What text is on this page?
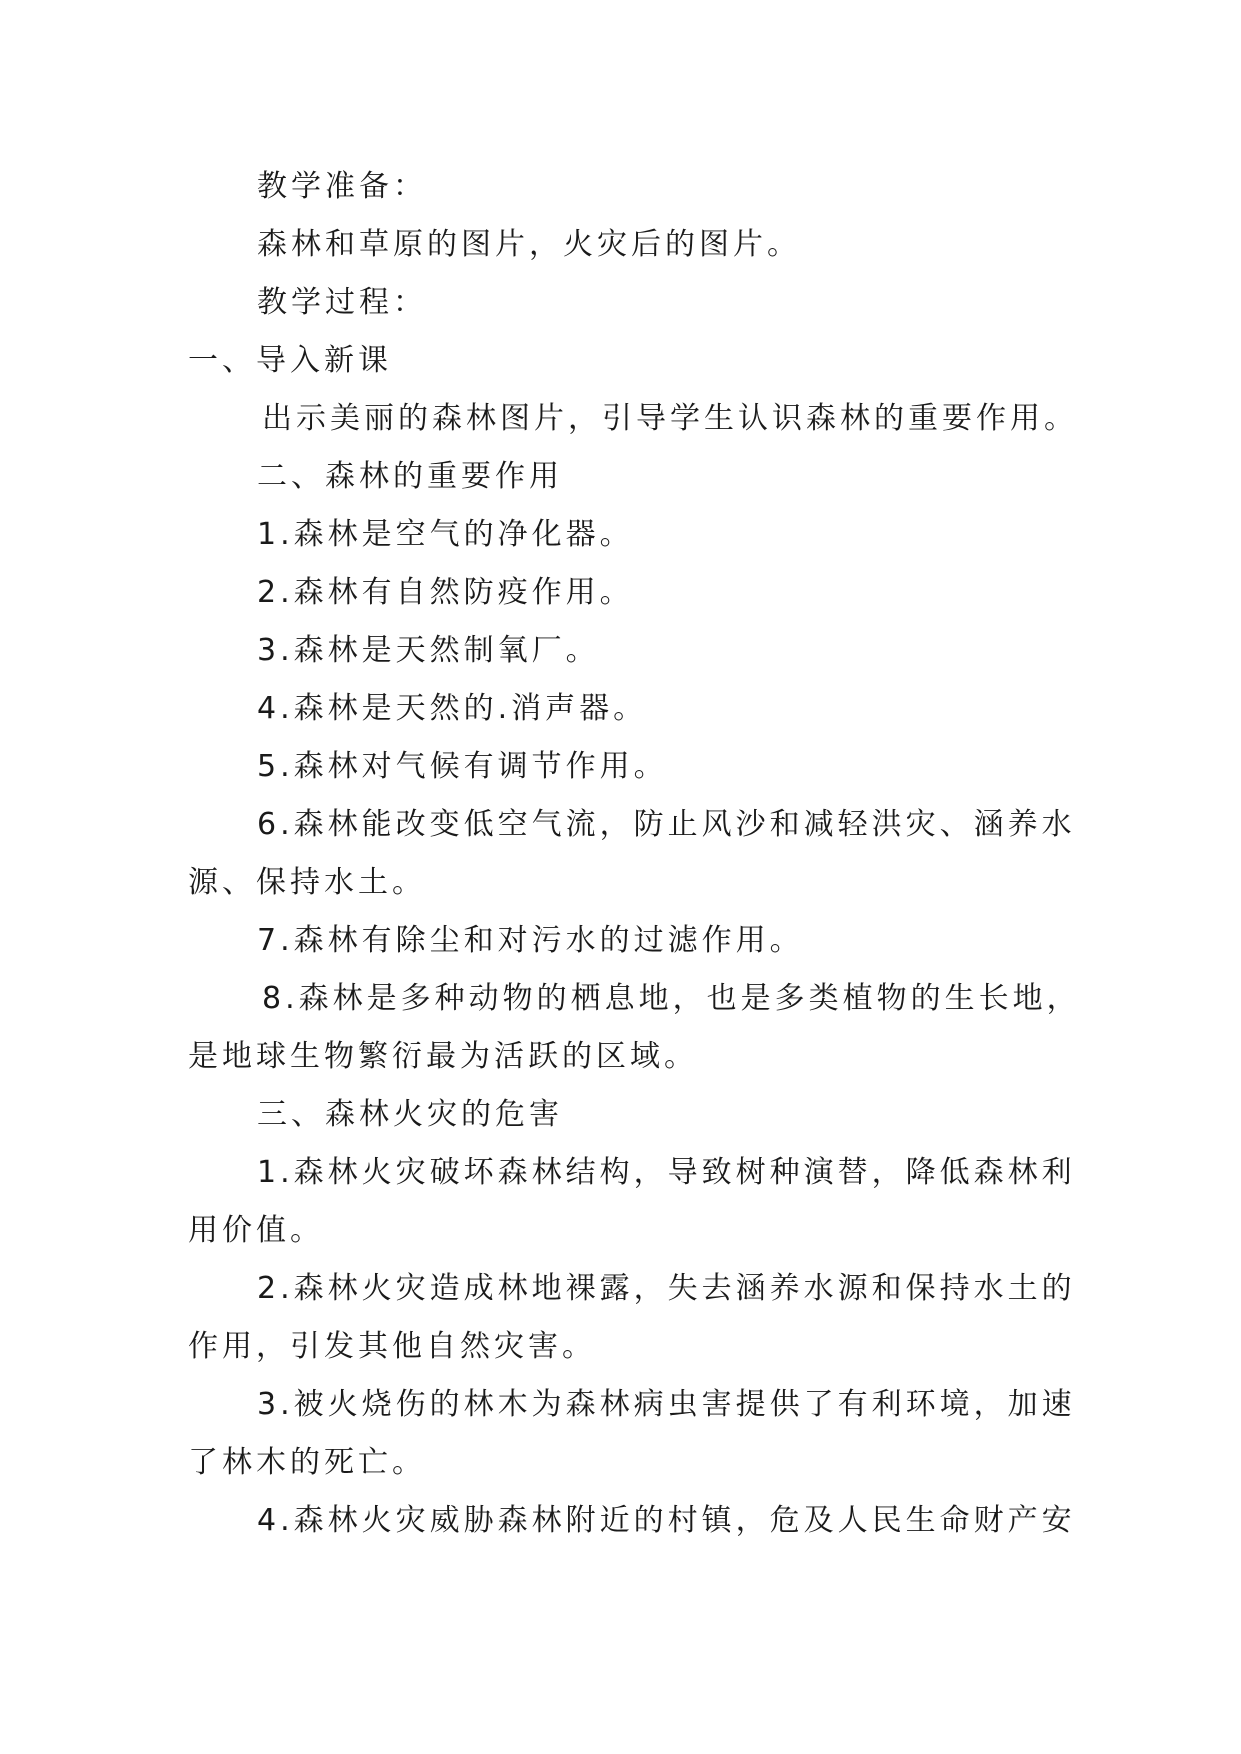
教学准备：
森林和草原的图片，火灾后的图片。
教学过程：
一、导入新课
出示美丽的森林图片，引导学生认识森林的重要作用。
二、森林的重要作用
1.森林是空气的净化器。
2.森林有自然防疫作用。
3.森林是天然制氧厂。
4.森林是天然的.消声器。
5.森林对气候有调节作用。
6.森林能改变低空气流，防止风沙和减轻洪灾、涵养水
源、保持水土。
7.森林有除尘和对污水的过滤作用。
8.森林是多种动物的栖息地，也是多类植物的生长地，
是地球生物繁衍最为活跃的区域。
三、森林火灾的危害
1.森林火灾破坏森林结构，导致树种演替，降低森林利
用价值。
2.森林火灾造成林地裸露，失去涵养水源和保持水土的
作用，引发其他自然灾害。
3.被火烧伤的林木为森林病虫害提供了有利环境，加速
了林木的死亡。
4.森林火灾威胁森林附近的村镇，危及人民生命财产安
